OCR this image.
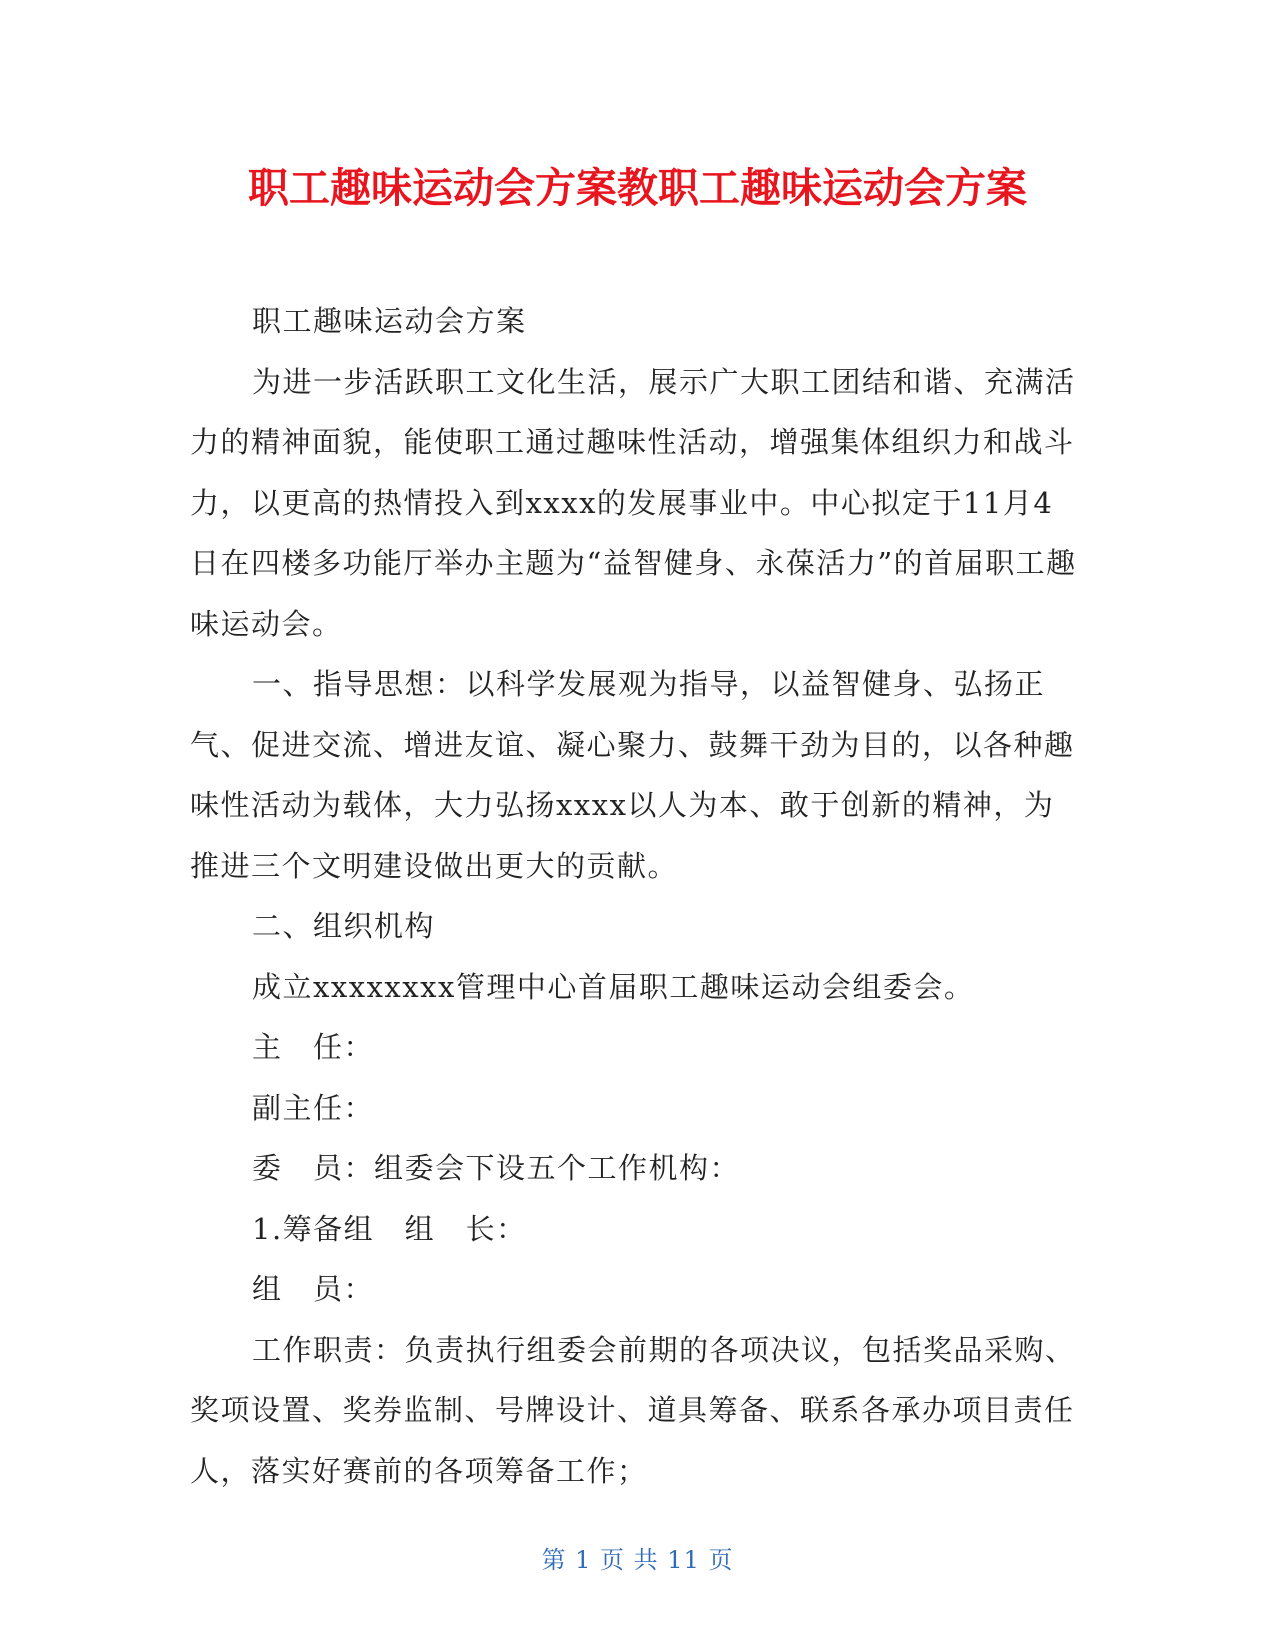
职工趣味运动会方案教职工趣味运动会方案

职工趣味运动会方案

为进一步活跃职工文化生活，展示广大职工团结和谐、充满活力的精神面貌，能使职工通过趣味性活动，增强集体组织力和战斗力，以更高的热情投入到xxxx的发展事业中。中心拟定于11月4日在四楼多功能厅举办主题为“益智健身、永葆活力”的首届职工趣味运动会。

一、指导思想：以科学发展观为指导，以益智健身、弘扬正气、促进交流、增进友谊、凝心聚力、鼓舞干劲为目的，以各种趣味性活动为载体，大力弘扬xxxx以人为本、敢于创新的精神，为推进三个文明建设做出更大的贡献。

二、组织机构

成立xxxxxxxx管理中心首届职工趣味运动会组委会。

主　任：

副主任：

委　员：组委会下设五个工作机构：

1.筹备组　组　长：

组　员：

工作职责：负责执行组委会前期的各项决议，包括奖品采购、奖项设置、奖券监制、号牌设计、道具筹备、联系各承办项目责任人，落实好赛前的各项筹备工作；

第 1 页 共 11 页
